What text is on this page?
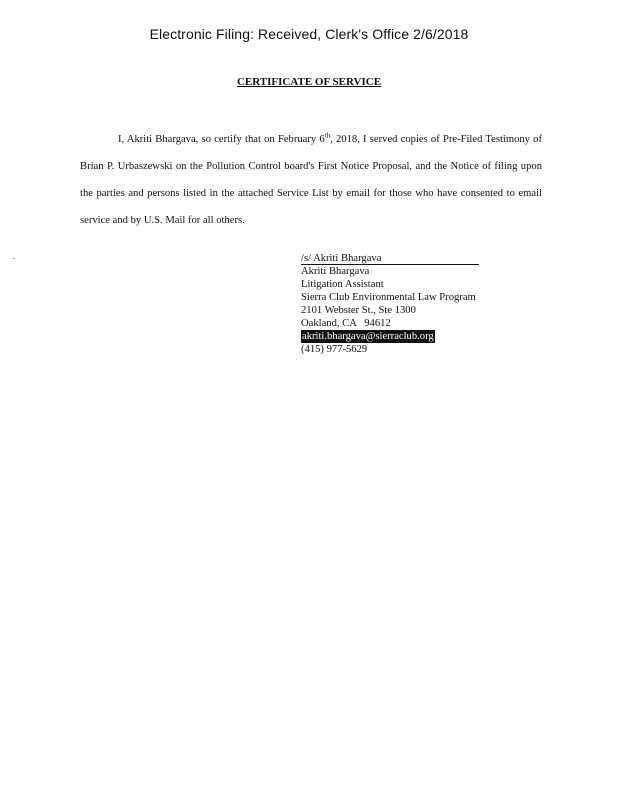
Electronic Filing: Received, Clerk's Office 2/6/2018
CERTIFICATE OF SERVICE
I, Akriti Bhargava, so certify that on February 6th, 2018, I served copies of Pre-Filed Testimony of Brian P. Urbaszewski on the Pollution Control board's First Notice Proposal, and the Notice of filing upon the parties and persons listed in the attached Service List by email for those who have consented to email service and by U.S. Mail for all others.
/s/ Akriti Bhargava
Akriti Bhargava
Litigation Assistant
Sierra Club Environmental Law Program
2101 Webster St., Ste 1300
Oakland, CA   94612
akriti.bhargava@sierraclub.org
(415) 977-5629
